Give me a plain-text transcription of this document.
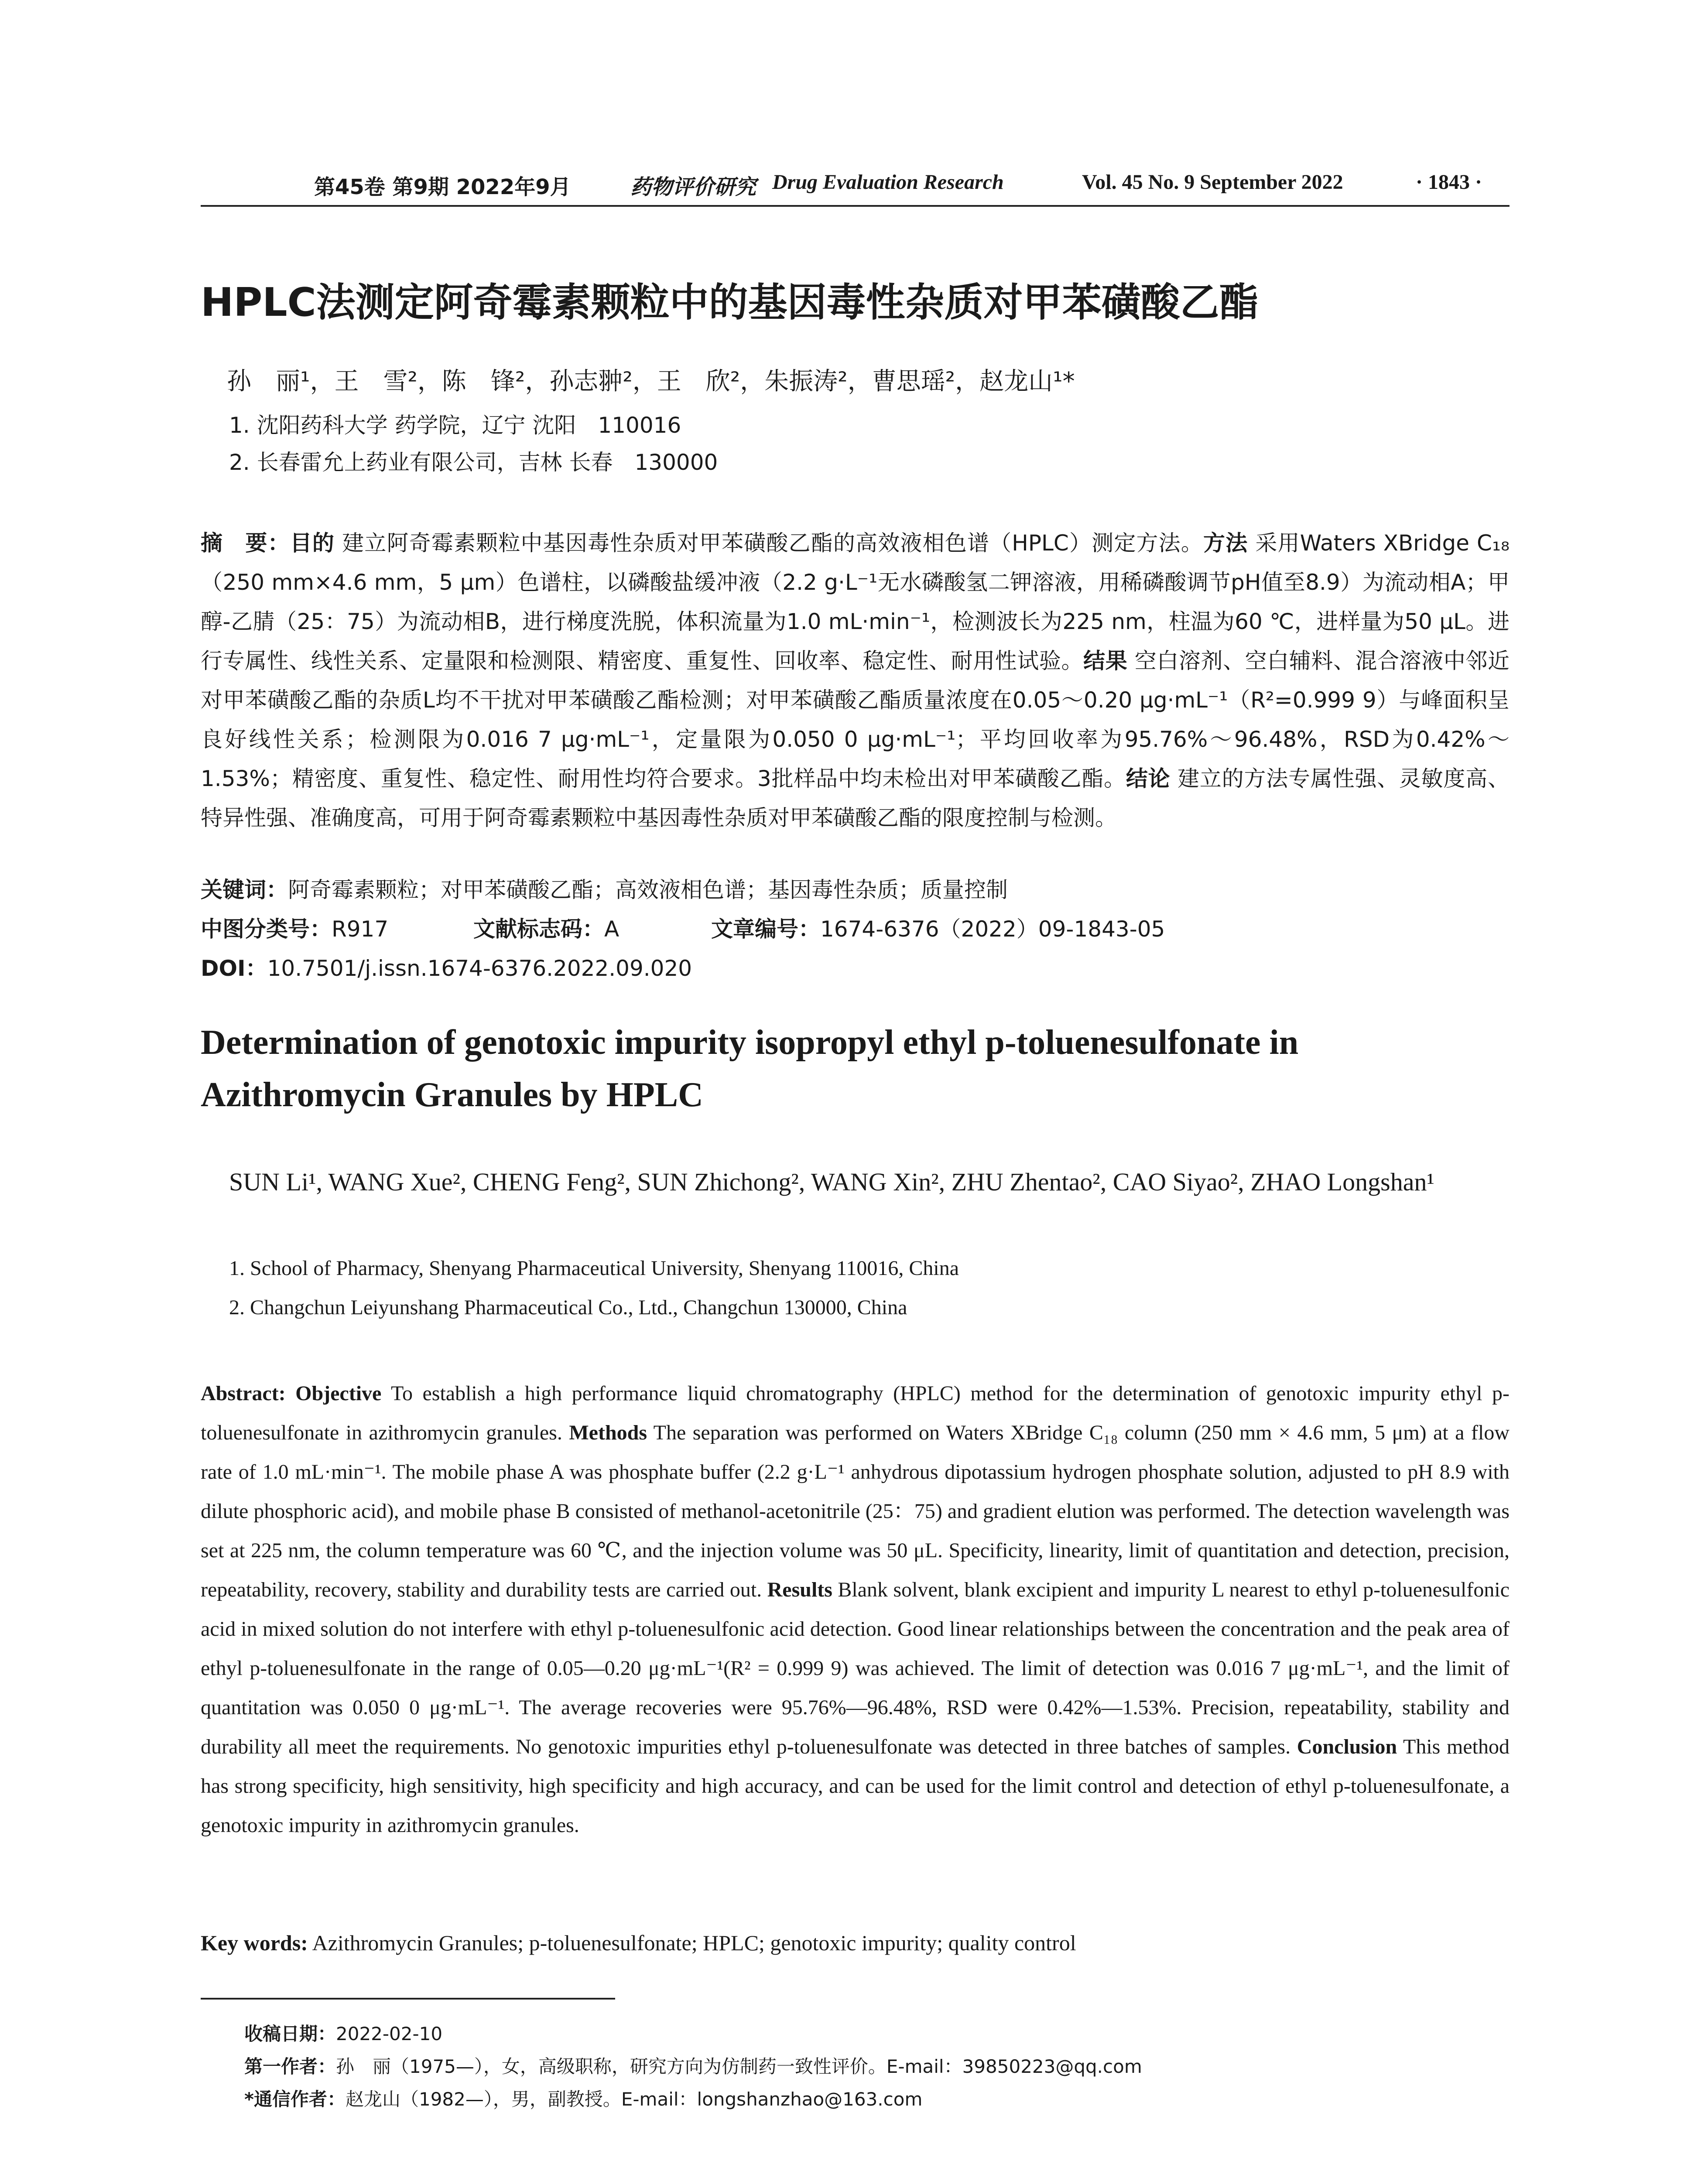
第45卷 第9期 2022年9月	药物评价研究 Drug Evaluation Research	Vol. 45 No. 9 September 2022	· 1843 ·
HPLC法测定阿奇霉素颗粒中的基因毒性杂质对甲苯磺酸乙酯
孙　丽¹，王　雪²，陈　锋²，孙志翀²，王　欣²，朱振涛²，曹思瑶²，赵龙山¹*
1. 沈阳药科大学 药学院，辽宁 沈阳　110016
2. 长春雷允上药业有限公司，吉林 长春　130000
摘　要：目的 建立阿奇霉素颗粒中基因毒性杂质对甲苯磺酸乙酯的高效液相色谱（HPLC）测定方法。方法 采用Waters XBridge C₁₈（250 mm×4.6 mm，5 μm）色谱柱，以磷酸盐缓冲液（2.2 g·L⁻¹无水磷酸氢二钾溶液，用稀磷酸调节pH值至8.9）为流动相A；甲醇-乙腈（25：75）为流动相B，进行梯度洗脱，体积流量为1.0 mL·min⁻¹，检测波长为225 nm，柱温为60 ℃，进样量为50 μL。进行专属性、线性关系、定量限和检测限、精密度、重复性、回收率、稳定性、耐用性试验。结果 空白溶剂、空白辅料、混合溶液中邻近对甲苯磺酸乙酯的杂质L均不干扰对甲苯磺酸乙酯检测；对甲苯磺酸乙酯质量浓度在0.05～0.20 μg·mL⁻¹（R²=0.999 9）与峰面积呈良好线性关系；检测限为0.016 7 μg·mL⁻¹，定量限为0.050 0 μg·mL⁻¹；平均回收率为95.76%～96.48%，RSD为0.42%～1.53%；精密度、重复性、稳定性、耐用性均符合要求。3批样品中均未检出对甲苯磺酸乙酯。结论 建立的方法专属性强、灵敏度高、特异性强、准确度高，可用于阿奇霉素颗粒中基因毒性杂质对甲苯磺酸乙酯的限度控制与检测。
关键词：阿奇霉素颗粒；对甲苯磺酸乙酯；高效液相色谱；基因毒性杂质；质量控制
中图分类号：R917	文献标志码：A	文章编号：1674-6376（2022）09-1843-05
DOI：10.7501/j.issn.1674-6376.2022.09.020
Determination of genotoxic impurity isopropyl ethyl p-toluenesulfonate in Azithromycin Granules by HPLC
SUN Li¹, WANG Xue², CHENG Feng², SUN Zhichong², WANG Xin², ZHU Zhentao², CAO Siyao², ZHAO Longshan¹
1. School of Pharmacy, Shenyang Pharmaceutical University, Shenyang 110016, China
2. Changchun Leiyunshang Pharmaceutical Co., Ltd., Changchun 130000, China
Abstract: Objective To establish a high performance liquid chromatography (HPLC) method for the determination of genotoxic impurity ethyl p-toluenesulfonate in azithromycin granules. Methods The separation was performed on Waters XBridge C₁₈ column (250 mm × 4.6 mm, 5 μm) at a flow rate of 1.0 mL·min⁻¹. The mobile phase A was phosphate buffer (2.2 g·L⁻¹ anhydrous dipotassium hydrogen phosphate solution, adjusted to pH 8.9 with dilute phosphoric acid), and mobile phase B consisted of methanol-acetonitrile (25：75) and gradient elution was performed. The detection wavelength was set at 225 nm, the column temperature was 60 ℃, and the injection volume was 50 μL. Specificity, linearity, limit of quantitation and detection, precision, repeatability, recovery, stability and durability tests are carried out. Results Blank solvent, blank excipient and impurity L nearest to ethyl p-toluenesulfonic acid in mixed solution do not interfere with ethyl p-toluenesulfonic acid detection. Good linear relationships between the concentration and the peak area of ethyl p-toluenesulfonate in the range of 0.05—0.20 μg·mL⁻¹(R² = 0.999 9) was achieved. The limit of detection was 0.016 7 μg·mL⁻¹, and the limit of quantitation was 0.050 0 μg·mL⁻¹. The average recoveries were 95.76%—96.48%, RSD were 0.42%—1.53%. Precision, repeatability, stability and durability all meet the requirements. No genotoxic impurities ethyl p-toluenesulfonate was detected in three batches of samples. Conclusion This method has strong specificity, high sensitivity, high specificity and high accuracy, and can be used for the limit control and detection of ethyl p-toluenesulfonate, a genotoxic impurity in azithromycin granules.
Key words: Azithromycin Granules; p-toluenesulfonate; HPLC; genotoxic impurity; quality control
收稿日期：2022-02-10
第一作者：孙　丽（1975—），女，高级职称，研究方向为仿制药一致性评价。E-mail：39850223@qq.com
*通信作者：赵龙山（1982—），男，副教授。E-mail：longshanzhao@163.com
